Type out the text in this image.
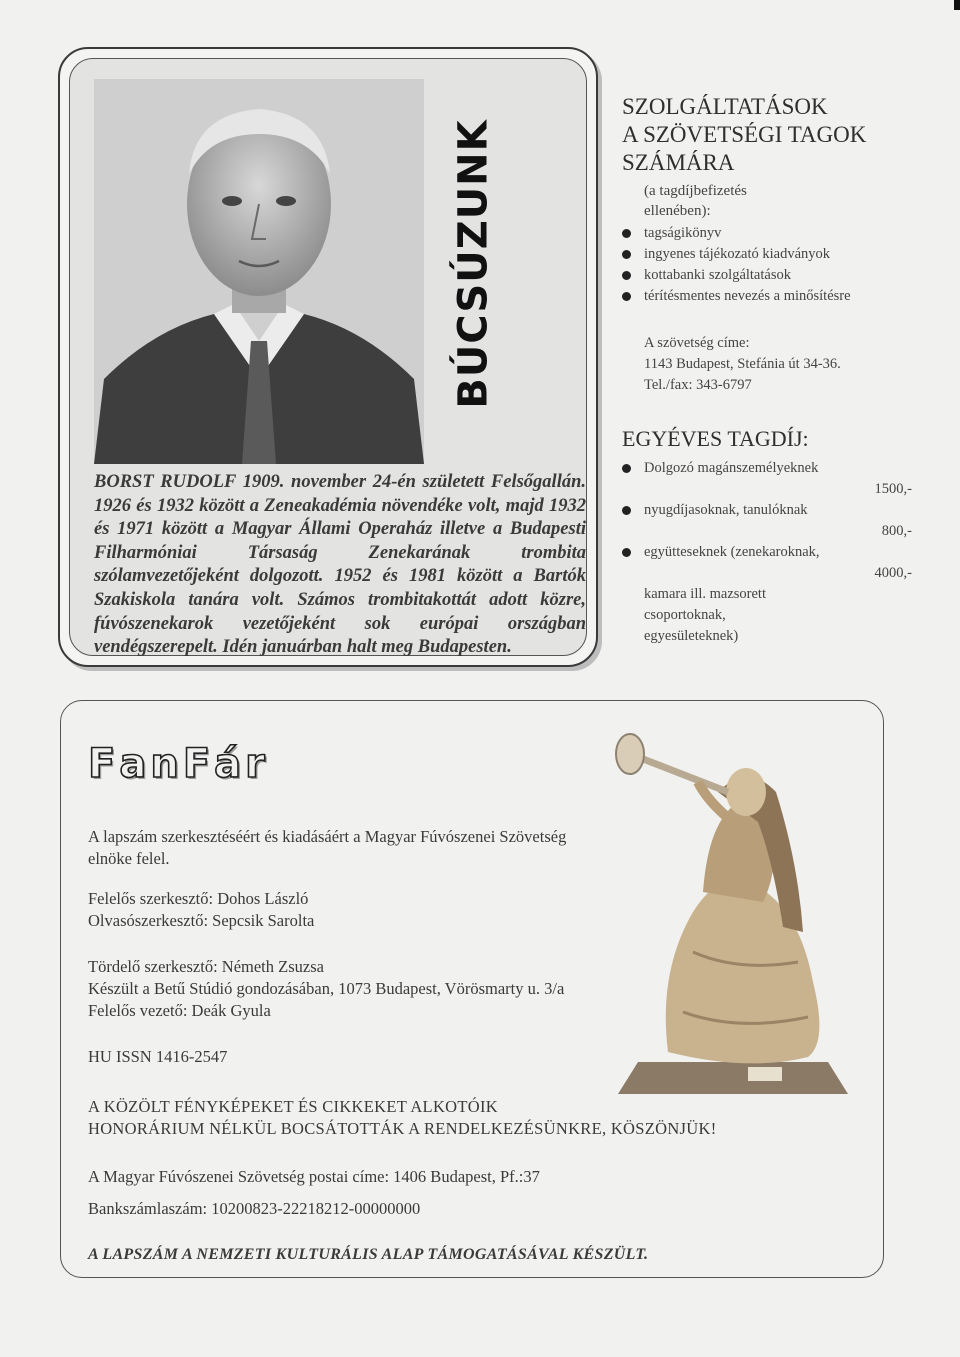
BÚCSÚZUNK

BORST RUDOLF 1909. november 24-én született Felsőgallán. 1926 és 1932 között a Zeneakadémia növendéke volt, majd 1932 és 1971 között a Magyar Állami Operaház illetve a Budapesti Filharmóniai Társaság Zenekarának trombita szólamvezetőjeként dolgozott. 1952 és 1981 között a Bartók Szakiskola tanára volt. Számos trombitakottát adott közre, fúvószenekarok vezetőjeként sok európai országban vendégszerepelt. Idén januárban halt meg Budapesten.

SZOLGÁLTATÁSOK
A SZÖVETSÉGI TAGOK
SZÁMÁRA
(a tagdíjbefizetés
ellenében):
tagságikönyv
ingyenes tájékozató kiadványok
kottabanki szolgáltatások
térítésmentes nevezés a minősítésre
A szövetség címe:
1143 Budapest, Stefánia út 34-36.
Tel./fax: 343-6797
EGYÉVES TAGDÍJ:
Dolgozó magánszemélyeknek
1500,-
nyugdíjasoknak, tanulóknak
800,-
együtteseknek (zenekaroknak,
4000,-
kamara ill. mazsorett
csoportoknak,
egyesületeknek)
F a n F á r

A lapszám szerkesztéséért és kiadásáért a Magyar Fúvószenei Szövetség

elnöke felel.

Felelős szerkesztő: Dohos László

Olvasószerkesztő: Sepcsik Sarolta

Tördelő szerkesztő: Németh Zsuzsa

Készült a Betű Stúdió gondozásában, 1073 Budapest, Vörösmarty u. 3/a

Felelős vezető: Deák Gyula

HU ISSN 1416-2547

A KÖZÖLT FÉNYKÉPEKET ÉS CIKKEKET ALKOTÓIK

HONORÁRIUM NÉLKÜL BOCSÁTOTTÁK A RENDELKEZÉSÜNKRE, KÖSZÖNJÜK!

A Magyar Fúvószenei Szövetség postai címe: 1406 Budapest, Pf.:37

Bankszámlaszám: 10200823-22218212-00000000

A LAPSZÁM A NEMZETI KULTURÁLIS ALAP TÁMOGATÁSÁVAL KÉSZÜLT.
